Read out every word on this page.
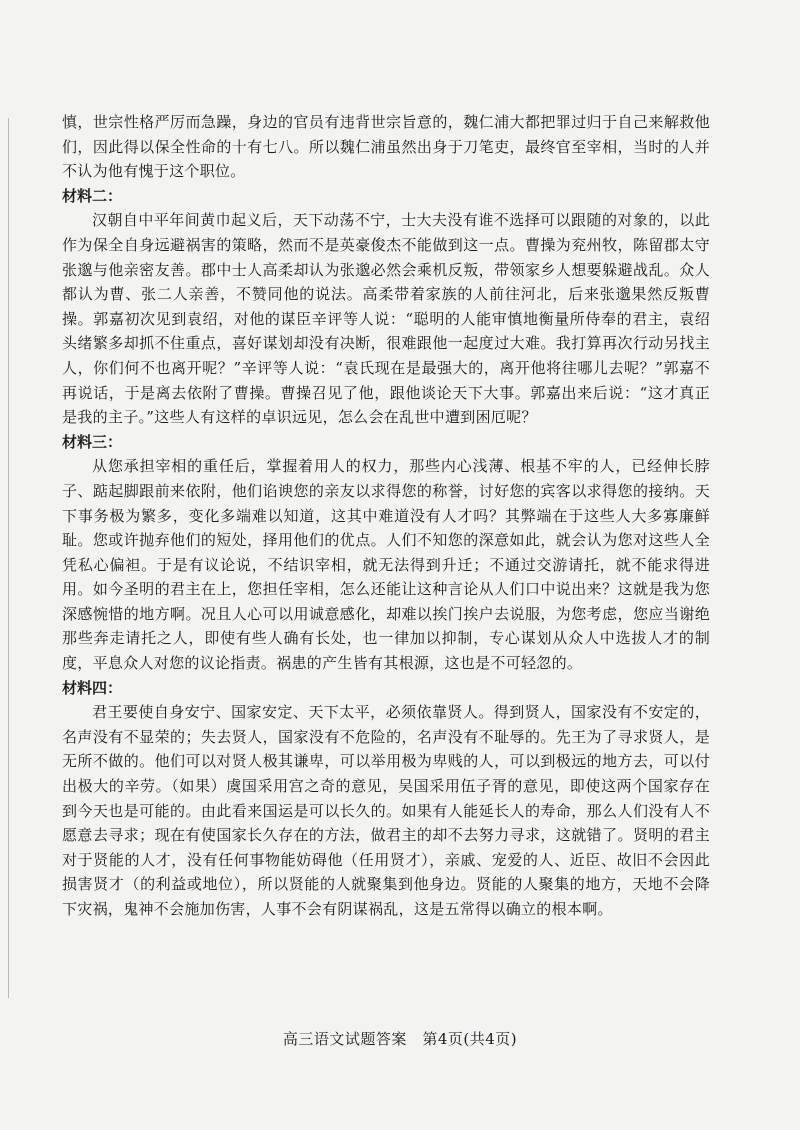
慎，世宗性格严厉而急躁，身边的官员有违背世宗旨意的，魏仁浦大都把罪过归于自己来解救他们，因此得以保全性命的十有七八。所以魏仁浦虽然出身于刀笔吏，最终官至宰相，当时的人并不认为他有愧于这个职位。

材料二：

汉朝自中平年间黄巾起义后，天下动荡不宁，士大夫没有谁不选择可以跟随的对象的，以此作为保全自身远避祸害的策略，然而不是英豪俊杰不能做到这一点。曹操为兖州牧，陈留郡太守张邈与他亲密友善。郡中士人高柔却认为张邈必然会乘机反叛，带领家乡人想要躲避战乱。众人都认为曹、张二人亲善，不赞同他的说法。高柔带着家族的人前往河北，后来张邈果然反叛曹操。郭嘉初次见到袁绍，对他的谋臣辛评等人说：“聪明的人能审慎地衡量所侍奉的君主，袁绍头绪繁多却抓不住重点，喜好谋划却没有决断，很难跟他一起度过大难。我打算再次行动另找主人，你们何不也离开呢？”辛评等人说：“袁氏现在是最强大的，离开他将往哪儿去呢？”郭嘉不再说话，于是离去依附了曹操。曹操召见了他，跟他谈论天下大事。郭嘉出来后说：“这才真正是我的主子。”这些人有这样的卓识远见，怎么会在乱世中遭到困厄呢？

材料三：

从您承担宰相的重任后，掌握着用人的权力，那些内心浅薄、根基不牢的人，已经伸长脖子、踮起脚跟前来依附，他们谄谀您的亲友以求得您的称誉，讨好您的宾客以求得您的接纳。天下事务极为繁多，变化多端难以知道，这其中难道没有人才吗？其弊端在于这些人大多寡廉鲜耻。您或许抛弃他们的短处，择用他们的优点。人们不知您的深意如此，就会认为您对这些人全凭私心偏袒。于是有议论说，不结识宰相，就无法得到升迁；不通过交游请托，就不能求得进用。如今圣明的君主在上，您担任宰相，怎么还能让这种言论从人们口中说出来？这就是我为您深感惋惜的地方啊。况且人心可以用诚意感化，却难以挨门挨户去说服，为您考虑，您应当谢绝那些奔走请托之人，即使有些人确有长处，也一律加以抑制，专心谋划从众人中选拔人才的制度，平息众人对您的议论指责。祸患的产生皆有其根源，这也是不可轻忽的。

材料四：

君王要使自身安宁、国家安定、天下太平，必须依靠贤人。得到贤人，国家没有不安定的，名声没有不显荣的；失去贤人，国家没有不危险的，名声没有不耻辱的。先王为了寻求贤人，是无所不做的。他们可以对贤人极其谦卑，可以举用极为卑贱的人，可以到极远的地方去，可以付出极大的辛劳。（如果）虞国采用宫之奇的意见，吴国采用伍子胥的意见，即使这两个国家存在到今天也是可能的。由此看来国运是可以长久的。如果有人能延长人的寿命，那么人们没有人不愿意去寻求；现在有使国家长久存在的方法，做君主的却不去努力寻求，这就错了。贤明的君主对于贤能的人才，没有任何事物能妨碍他（任用贤才），亲戚、宠爱的人、近臣、故旧不会因此损害贤才（的利益或地位），所以贤能的人就聚集到他身边。贤能的人聚集的地方，天地不会降下灾祸，鬼神不会施加伤害，人事不会有阴谋祸乱，这是五常得以确立的根本啊。

高三语文试题答案　第4页(共4页)
